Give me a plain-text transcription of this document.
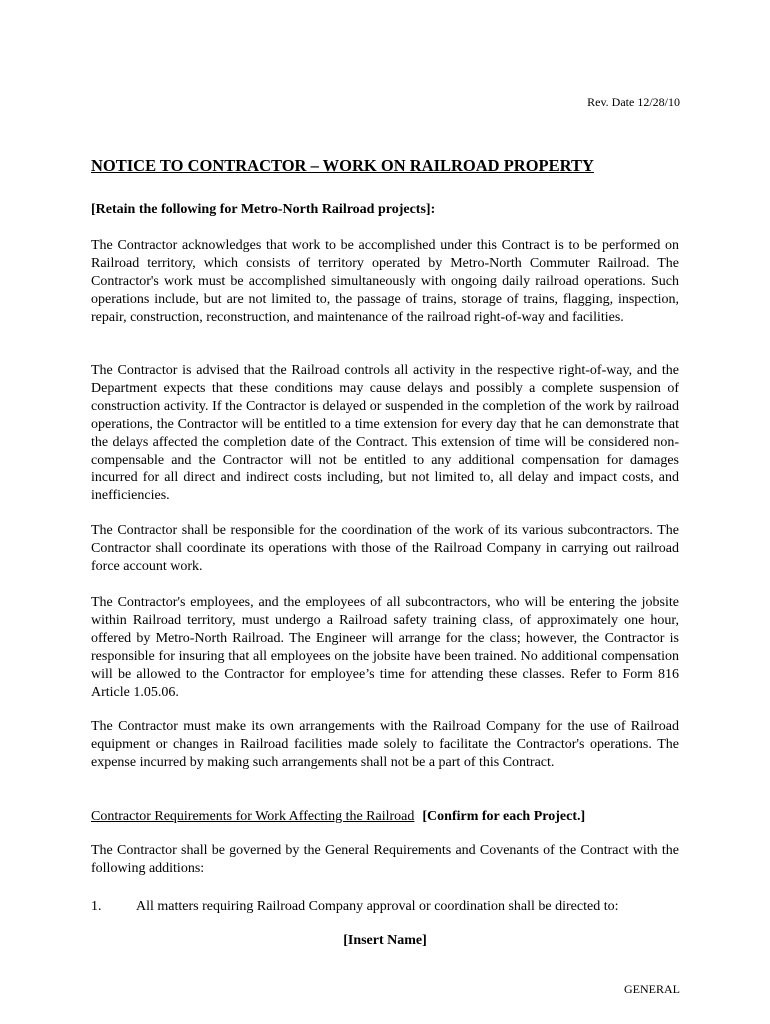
Rev. Date 12/28/10
NOTICE TO CONTRACTOR – WORK ON RAILROAD PROPERTY
[Retain the following for Metro-North Railroad projects]:

The Contractor acknowledges that work to be accomplished under this Contract is to be performed on Railroad territory, which consists of territory operated by Metro-North Commuter Railroad. The Contractor's work must be accomplished simultaneously with ongoing daily railroad operations. Such operations include, but are not limited to, the passage of trains, storage of trains, flagging, inspection, repair, construction, reconstruction, and maintenance of the railroad right-of-way and facilities.

The Contractor is advised that the Railroad controls all activity in the respective right-of-way, and the Department expects that these conditions may cause delays and possibly a complete suspension of construction activity. If the Contractor is delayed or suspended in the completion of the work by railroad operations, the Contractor will be entitled to a time extension for every day that he can demonstrate that the delays affected the completion date of the Contract. This extension of time will be considered non-compensable and the Contractor will not be entitled to any additional compensation for damages incurred for all direct and indirect costs including, but not limited to, all delay and impact costs, and inefficiencies.

The Contractor shall be responsible for the coordination of the work of its various subcontractors. The Contractor shall coordinate its operations with those of the Railroad Company in carrying out railroad force account work.

The Contractor's employees, and the employees of all subcontractors, who will be entering the jobsite within Railroad territory, must undergo a Railroad safety training class, of approximately one hour, offered by Metro-North Railroad. The Engineer will arrange for the class; however, the Contractor is responsible for insuring that all employees on the jobsite have been trained. No additional compensation will be allowed to the Contractor for employee’s time for attending these classes. Refer to Form 816 Article 1.05.06.

The Contractor must make its own arrangements with the Railroad Company for the use of Railroad equipment or changes in Railroad facilities made solely to facilitate the Contractor's operations. The expense incurred by making such arrangements shall not be a part of this Contract.

Contractor Requirements for Work Affecting the Railroad [Confirm for each Project.]

The Contractor shall be governed by the General Requirements and Covenants of the Contract with the following additions:

1. All matters requiring Railroad Company approval or coordination shall be directed to:
[Insert Name]
GENERAL
